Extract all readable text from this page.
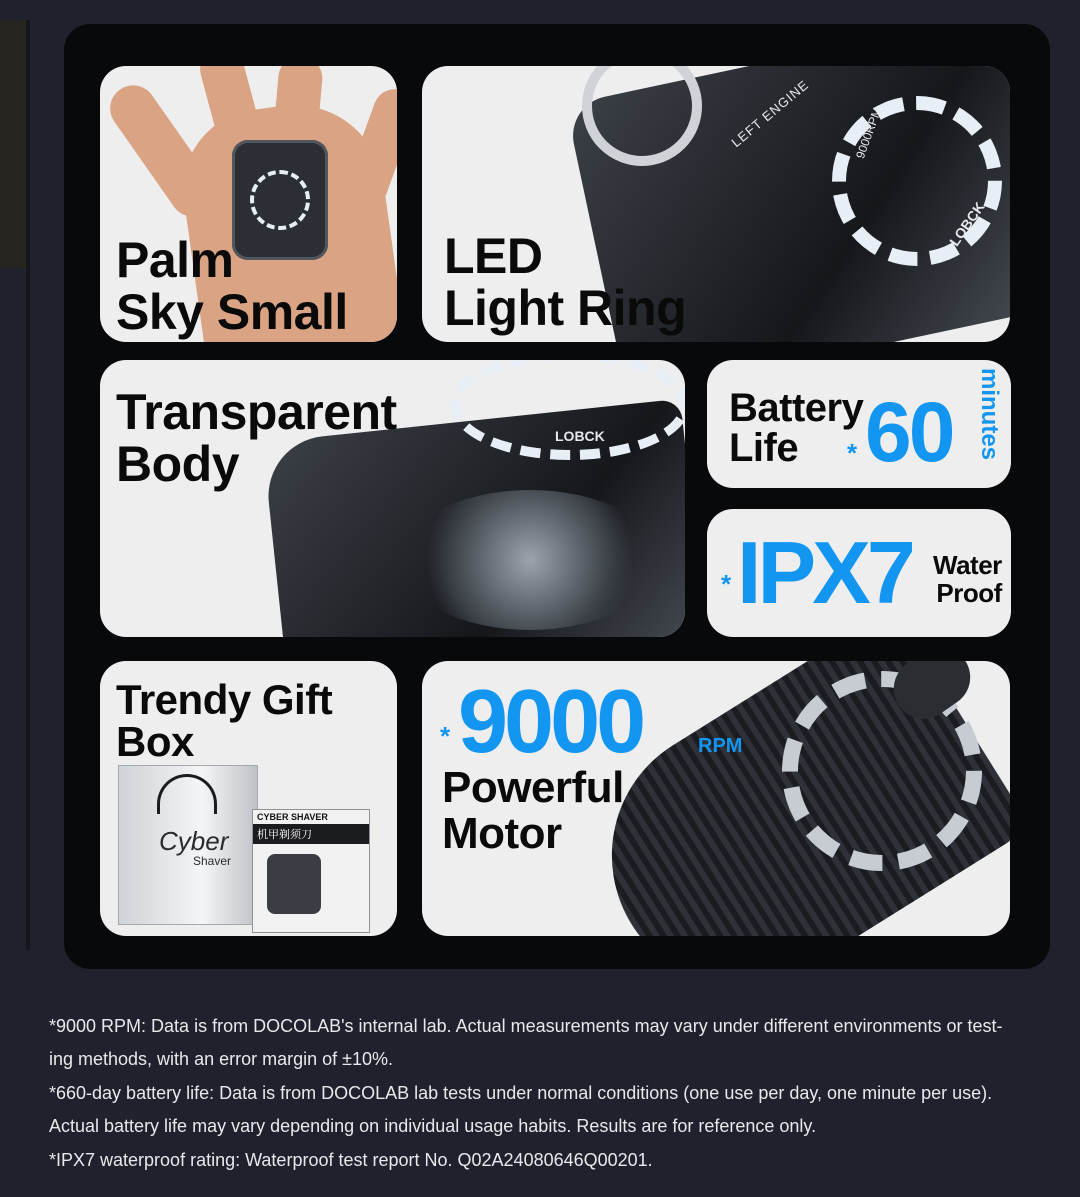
Palm
Sky Small
LEFT ENGINE	9000RPM
LOBCK
LED
Light Ring
LOBCK
Transparent
Body
Battery
Life	* 60 minutes
* IPX7 Water
Proof
Trendy Gift
Box
Cyber
Shaver
CYBER SHAVER
机甲剃须刀
* 9000	RPM
Powerful
Motor

*9000 RPM: Data is from DOCOLAB's internal lab. Actual measurements may vary under different environments or test-

ing methods, with an error margin of ±10%.

*660-day battery life: Data is from DOCOLAB lab tests under normal conditions (one use per day, one minute per use).

Actual battery life may vary depending on individual usage habits. Results are for reference only.

*IPX7 waterproof rating: Waterproof test report No. Q02A24080646Q00201.
